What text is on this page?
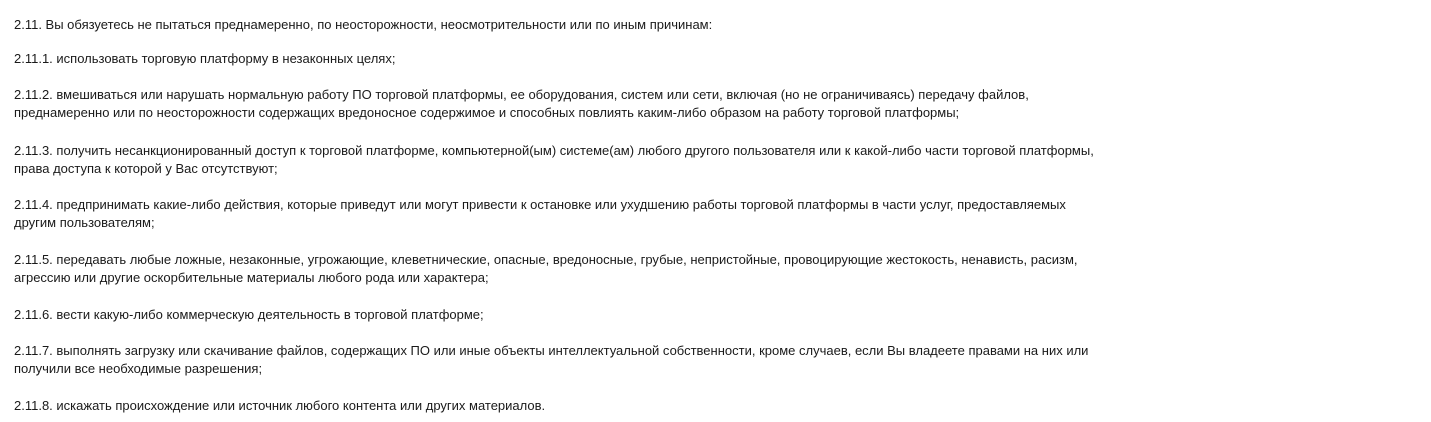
2.11. Вы обязуетесь не пытаться преднамеренно, по неосторожности, неосмотрительности или по иным причинам:

2.11.1. использовать торговую платформу в незаконных целях;

2.11.2. вмешиваться или нарушать нормальную работу ПО торговой платформы, ее оборудования, систем или сети, включая (но не ограничиваясь) передачу файлов,
преднамеренно или по неосторожности содержащих вредоносное содержимое и способных повлиять каким-либо образом на работу торговой платформы;

2.11.3. получить несанкционированный доступ к торговой платформе, компьютерной(ым) системе(ам) любого другого пользователя или к какой-либо части торговой платформы,
права доступа к которой у Вас отсутствуют;

2.11.4. предпринимать какие-либо действия, которые приведут или могут привести к остановке или ухудшению работы торговой платформы в части услуг, предоставляемых
другим пользователям;

2.11.5. передавать любые ложные, незаконные, угрожающие, клеветнические, опасные, вредоносные, грубые, непристойные, провоцирующие жестокость, ненависть, расизм,
агрессию или другие оскорбительные материалы любого рода или характера;

2.11.6. вести какую-либо коммерческую деятельность в торговой платформе;

2.11.7. выполнять загрузку или скачивание файлов, содержащих ПО или иные объекты интеллектуальной собственности, кроме случаев, если Вы владеете правами на них или
получили все необходимые разрешения;

2.11.8. искажать происхождение или источник любого контента или других материалов.
